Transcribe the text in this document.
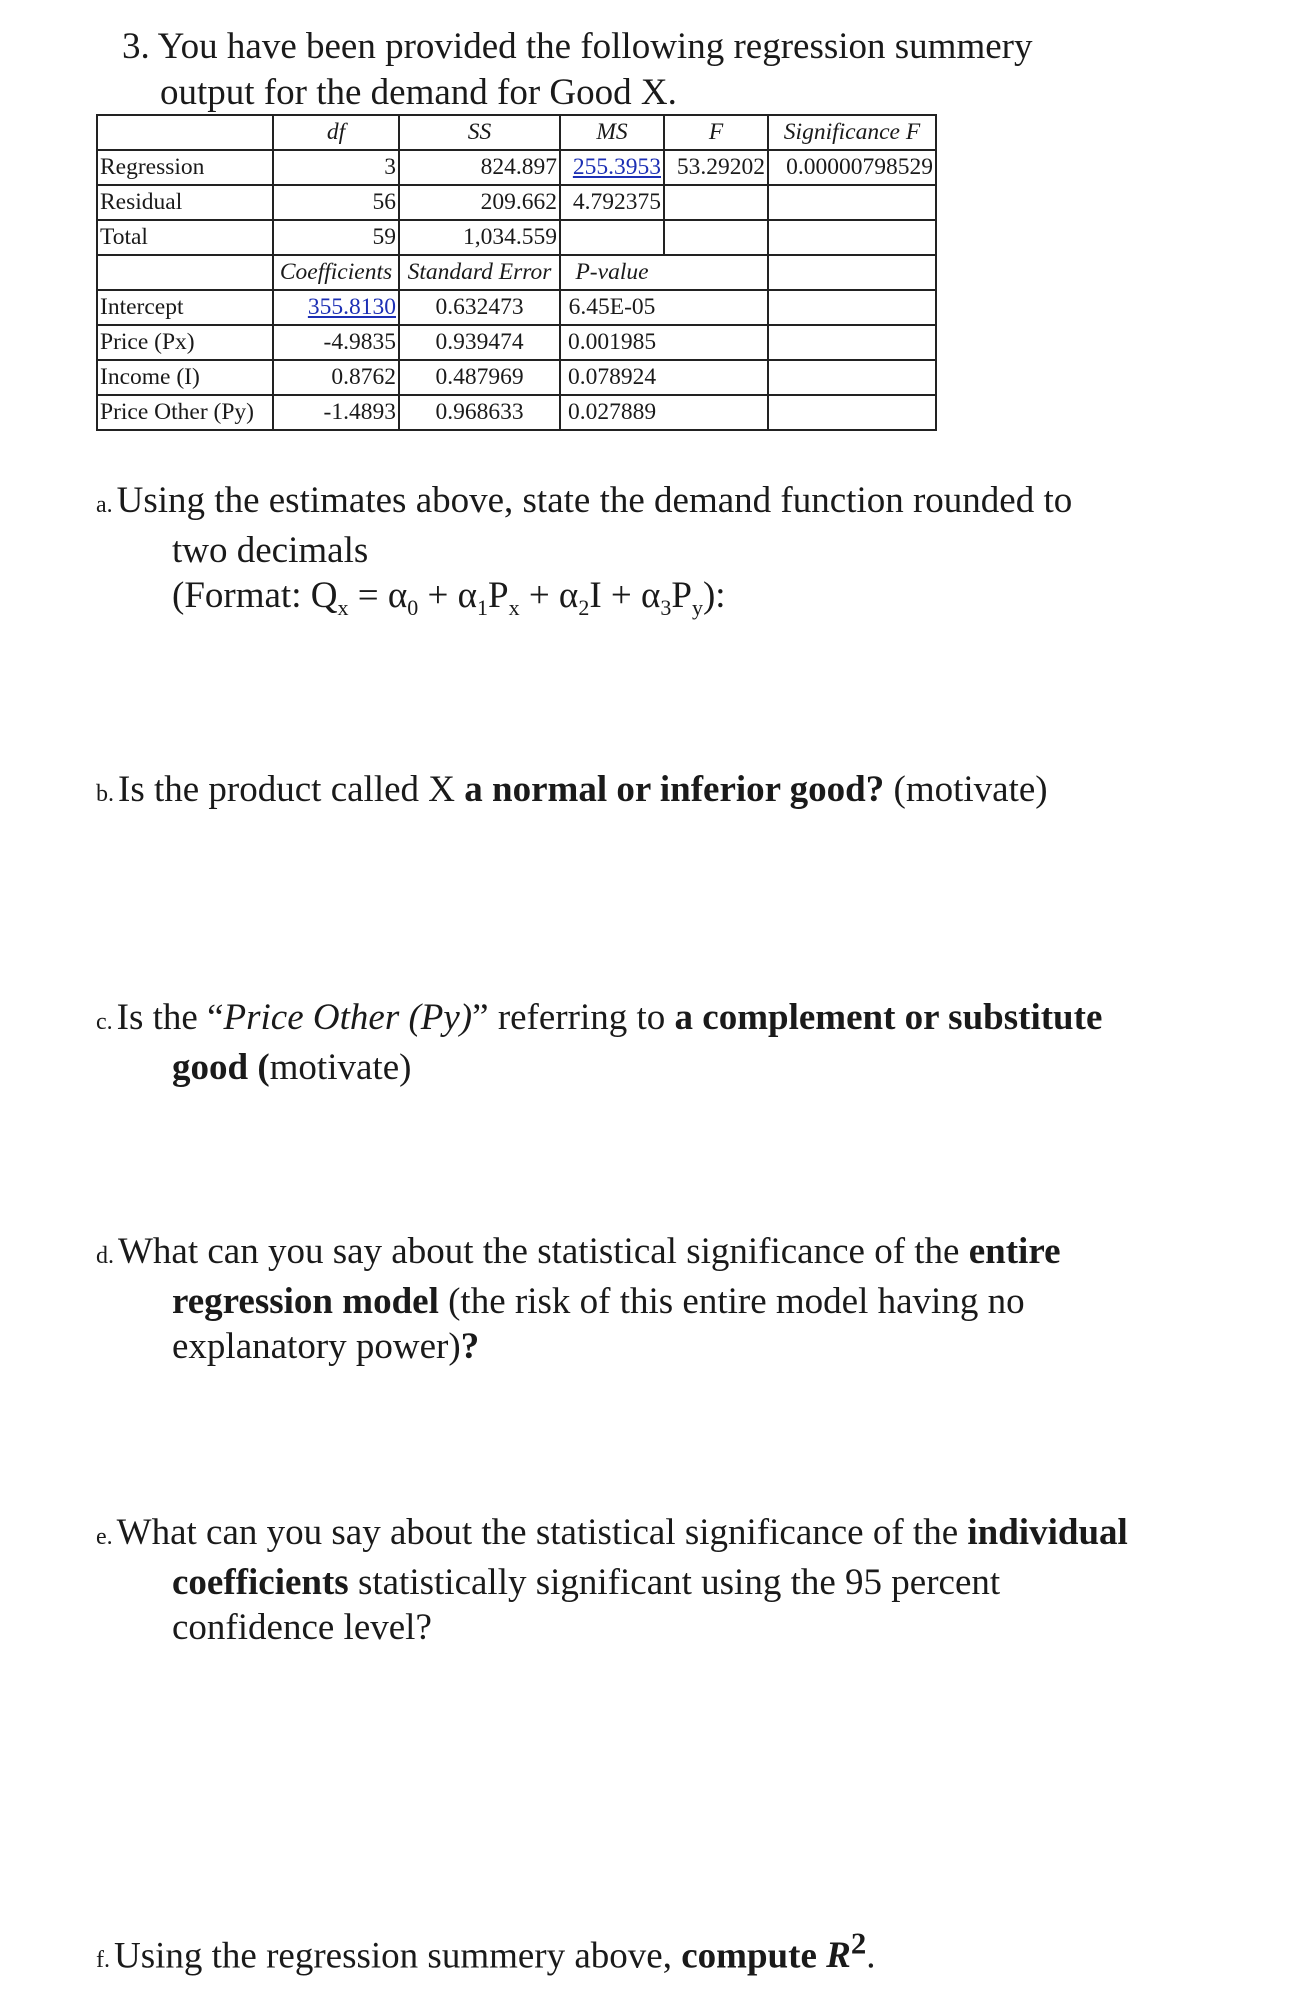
3. You have been provided the following regression summery
output for the demand for Good X.
	df	SS	MS	F	Significance F
Regression	3	824.897	255.3953	53.29202	0.00000798529
Residual	56	209.662	4.792375		
Total	59	1,034.559			
	Coefficients	Standard Error	P-value		
Intercept	355.8130	0.632473	6.45E-05		
Price (Px)	-4.9835	0.939474	0.001985		
Income (I)	0.8762	0.487969	0.078924		
Price Other (Py)	-1.4893	0.968633	0.027889		
a. Using the estimates above, state the demand function rounded to
two decimals
(Format: $Q_x = \alpha_0 + \alpha_1P_x + \alpha_2I + \alpha_3P_y$):
b. Is the product called X a normal or inferior good? (motivate)
c. Is the “Price Other (Py)” referring to a complement or substitute
good (motivate)
d. What can you say about the statistical significance of the entire
regression model (the risk of this entire model having no
explanatory power)?
e. What can you say about the statistical significance of the individual
coefficients statistically significant using the 95 percent
confidence level?
f. Using the regression summery above, compute $R^2$.
